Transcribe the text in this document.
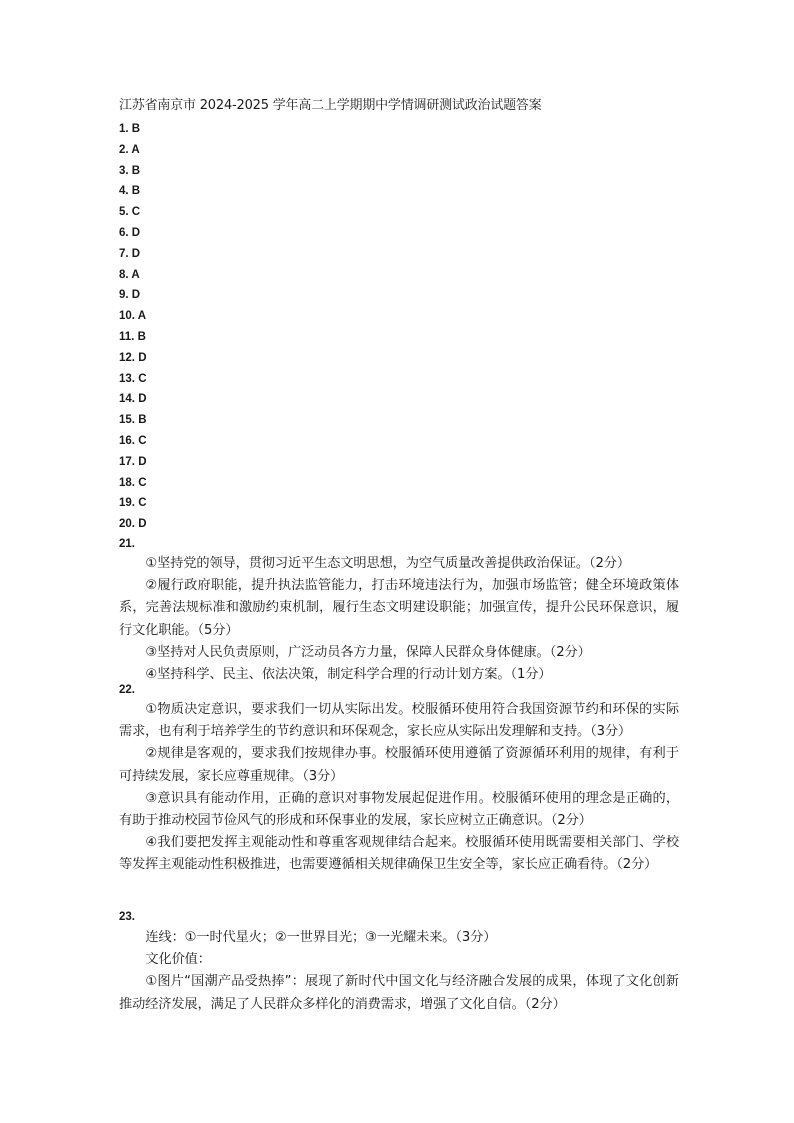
江苏省南京市 2024-2025 学年高二上学期期中学情调研测试政治试题答案
1. B
2. A
3. B
4. B
5. C
6. D
7. D
8. A
9. D
10. A
11. B
12. D
13. C
14. D
15. B
16. C
17. D
18. C
19. C
20. D
21.

①坚持党的领导，贯彻习近平生态文明思想，为空气质量改善提供政治保证。（2分）

②履行政府职能，提升执法监管能力，打击环境违法行为，加强市场监管；健全环境政策体系，完善法规标准和激励约束机制，履行生态文明建设职能；加强宣传，提升公民环保意识，履行文化职能。（5分）

③坚持对人民负责原则，广泛动员各方力量，保障人民群众身体健康。（2分）

④坚持科学、民主、依法决策，制定科学合理的行动计划方案。（1分）

22.

①物质决定意识，要求我们一切从实际出发。校服循环使用符合我国资源节约和环保的实际需求，也有利于培养学生的节约意识和环保观念，家长应从实际出发理解和支持。（3分）

②规律是客观的，要求我们按规律办事。校服循环使用遵循了资源循环利用的规律，有利于可持续发展，家长应尊重规律。（3分）

③意识具有能动作用，正确的意识对事物发展起促进作用。校服循环使用的理念是正确的，有助于推动校园节俭风气的形成和环保事业的发展，家长应树立正确意识。（2分）

④我们要把发挥主观能动性和尊重客观规律结合起来。校服循环使用既需要相关部门、学校等发挥主观能动性积极推进，也需要遵循相关规律确保卫生安全等，家长应正确看待。（2分）

23.

连线：①一时代星火；②一世界目光；③一光耀未来。（3分）

文化价值：

①图片“国潮产品受热捧”：展现了新时代中国文化与经济融合发展的成果，体现了文化创新推动经济发展，满足了人民群众多样化的消费需求，增强了文化自信。（2分）
